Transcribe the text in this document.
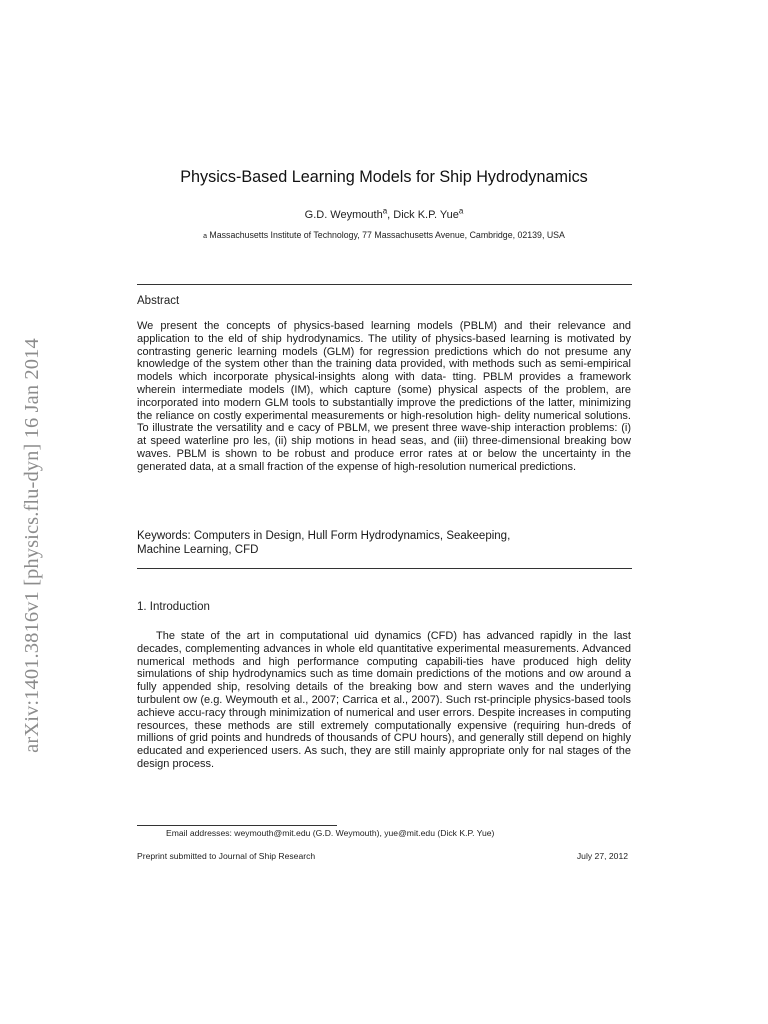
arXiv:1401.3816v1 [physics.flu-dyn] 16 Jan 2014
Physics-Based Learning Models for Ship Hydrodynamics
G.D. Weymouth$^a$, Dick K.P. Yue$^a$
a Massachusetts Institute of Technology, 77 Massachusetts Avenue, Cambridge, 02139, USA
Abstract
We present the concepts of physics-based learning models (PBLM) and their relevance and application to the eld of ship hydrodynamics. The utility of physics-based learning is motivated by contrasting generic learning models (GLM) for regression predictions which do not presume any knowledge of the system other than the training data provided, with methods such as semi-empirical models which incorporate physical-insights along with data- tting. PBLM provides a framework wherein intermediate models (IM), which capture (some) physical aspects of the problem, are incorporated into modern GLM tools to substantially improve the predictions of the latter, minimizing the reliance on costly experimental measurements or high-resolution high- delity numerical solutions. To illustrate the versatility and e cacy of PBLM, we present three wave-ship interaction problems: (i) at speed waterline pro les, (ii) ship motions in head seas, and (iii) three-dimensional breaking bow waves. PBLM is shown to be robust and produce error rates at or below the uncertainty in the generated data, at a small fraction of the expense of high-resolution numerical predictions.
Keywords: Computers in Design, Hull Form Hydrodynamics, Seakeeping,
Machine Learning, CFD
1. Introduction
The state of the art in computational uid dynamics (CFD) has advanced rapidly in the last decades, complementing advances in whole eld quantitative experimental measurements. Advanced numerical methods and high performance computing capabili-ties have produced high delity simulations of ship hydrodynamics such as time domain predictions of the motions and ow around a fully appended ship, resolving details of the breaking bow and stern waves and the underlying turbulent ow (e.g. Weymouth et al., 2007; Carrica et al., 2007). Such rst-principle physics-based tools achieve accu-racy through minimization of numerical and user errors. Despite increases in computing resources, these methods are still extremely computationally expensive (requiring hun-dreds of millions of grid points and hundreds of thousands of CPU hours), and generally still depend on highly educated and experienced users. As such, they are still mainly appropriate only for nal stages of the design process.
Email addresses: weymouth@mit.edu (G.D. Weymouth), yue@mit.edu (Dick K.P. Yue)
Preprint submitted to Journal of Ship Research	July 27, 2012
